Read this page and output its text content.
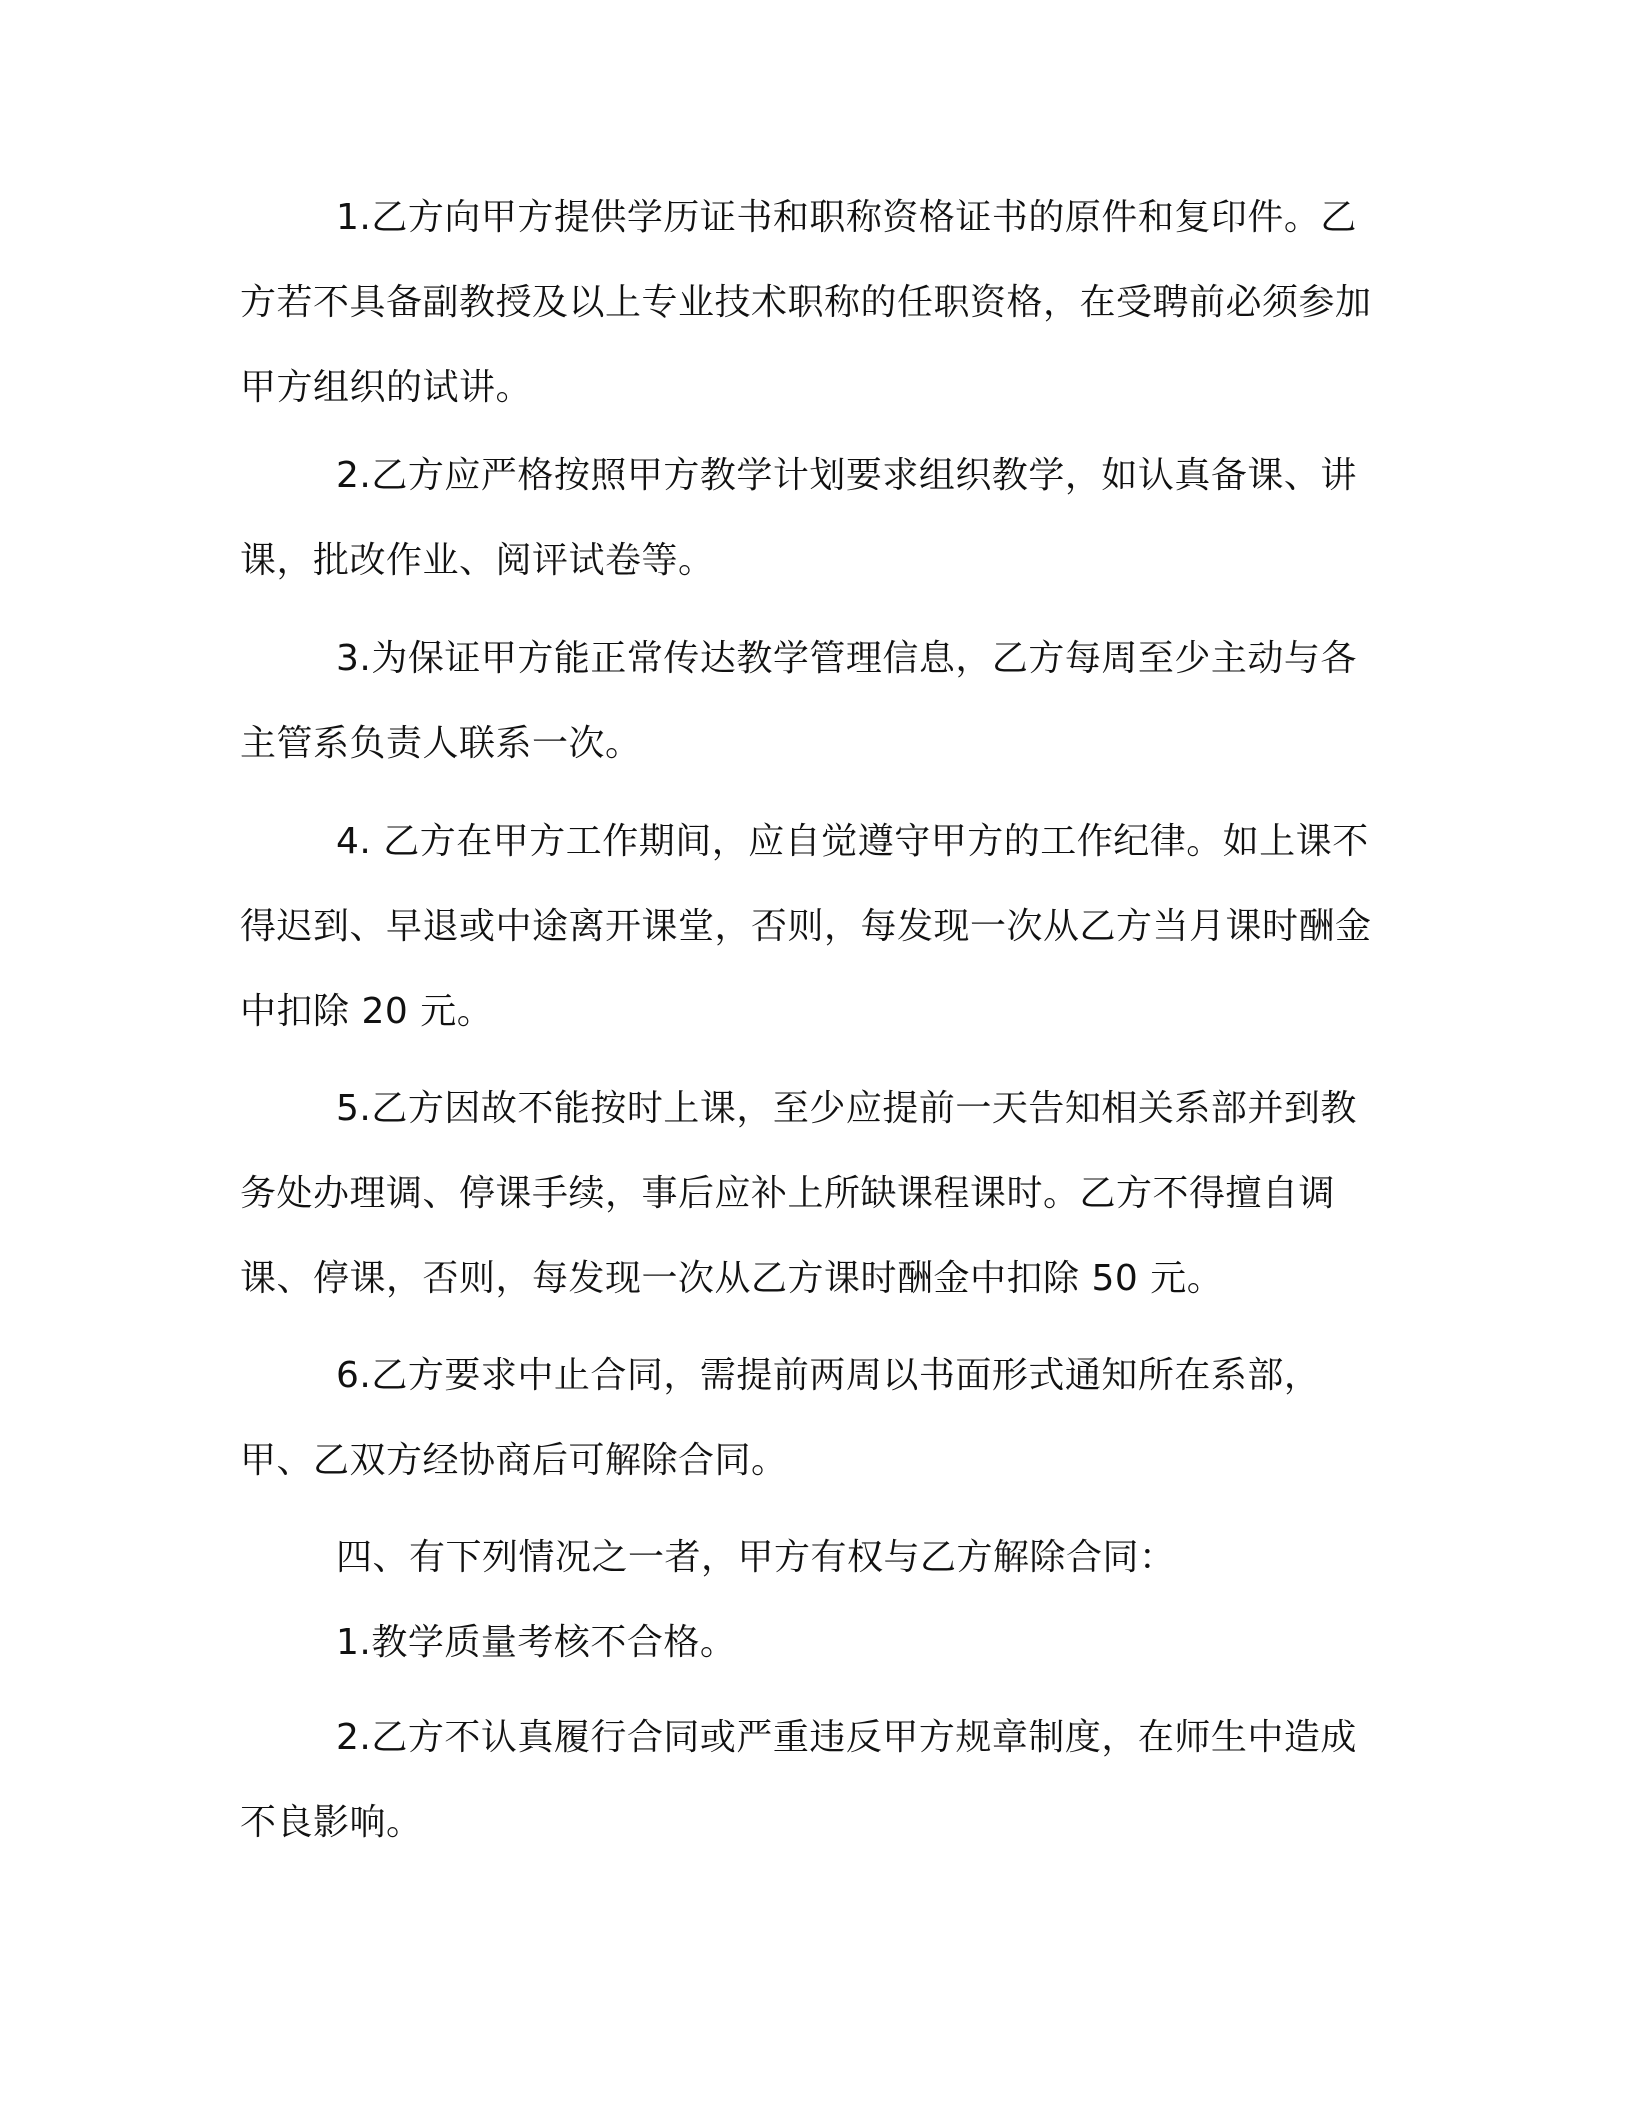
1.乙方向甲方提供学历证书和职称资格证书的原件和复印件。乙方若不具备副教授及以上专业技术职称的任职资格，在受聘前必须参加甲方组织的试讲。

2.乙方应严格按照甲方教学计划要求组织教学，如认真备课、讲课，批改作业、阅评试卷等。

3.为保证甲方能正常传达教学管理信息，乙方每周至少主动与各主管系负责人联系一次。

4. 乙方在甲方工作期间，应自觉遵守甲方的工作纪律。如上课不得迟到、早退或中途离开课堂，否则，每发现一次从乙方当月课时酬金中扣除 20 元。

5.乙方因故不能按时上课，至少应提前一天告知相关系部并到教务处办理调、停课手续，事后应补上所缺课程课时。乙方不得擅自调课、停课，否则，每发现一次从乙方课时酬金中扣除 50 元。

6.乙方要求中止合同，需提前两周以书面形式通知所在系部，甲、乙双方经协商后可解除合同。

四、有下列情况之一者，甲方有权与乙方解除合同：

1.教学质量考核不合格。

2.乙方不认真履行合同或严重违反甲方规章制度，在师生中造成不良影响。
